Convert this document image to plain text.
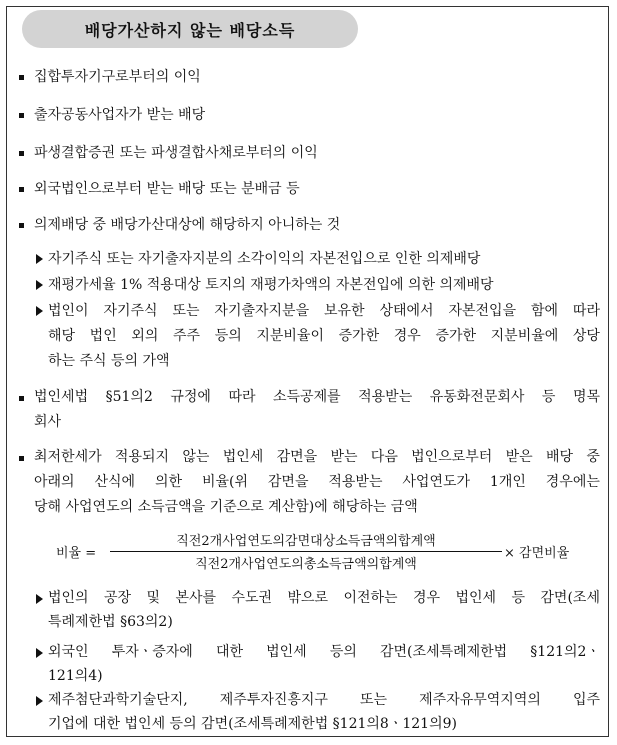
배당가산하지 않는 배당소득
집합투자기구로부터의 이익
출자공동사업자가 받는 배당
파생결합증권 또는 파생결합사채로부터의 이익
외국법인으로부터 받는 배당 또는 분배금 등
의제배당 중 배당가산대상에 해당하지 아니하는 것
자기주식 또는 자기출자지분의 소각이익의 자본전입으로 인한 의제배당
재평가세율 1% 적용대상 토지의 재평가차액의 자본전입에 의한 의제배당
법인이 자기주식 또는 자기출자지분을 보유한 상태에서 자본전입을 함에 따라
해당 법인 외의 주주 등의 지분비율이 증가한 경우 증가한 지분비율에 상당
하는 주식 등의 가액
법인세법 §51의2 규정에 따라 소득공제를 적용받는 유동화전문회사 등 명목
회사
최저한세가 적용되지 않는 법인세 감면을 받는 다음 법인으로부터 받은 배당 중
아래의 산식에 의한 비율(위 감면을 적용받는 사업연도가 1개인 경우에는
당해 사업연도의 소득금액을 기준으로 계산함)에 해당하는 금액
비율 =
직전2개사업연도의감면대상소득금액의합계액
직전2개사업연도의총소득금액의합계액
× 감면비율
법인의 공장 및 본사를 수도권 밖으로 이전하는 경우 법인세 등 감면(조세
특례제한법 §63의2)
외국인 투자ㆍ증자에 대한 법인세 등의 감면(조세특례제한법 §121의2ㆍ
121의4)
제주첨단과학기술단지, 제주투자진흥지구 또는 제주자유무역지역의 입주
기업에 대한 법인세 등의 감면(조세특례제한법 §121의8ㆍ121의9)
